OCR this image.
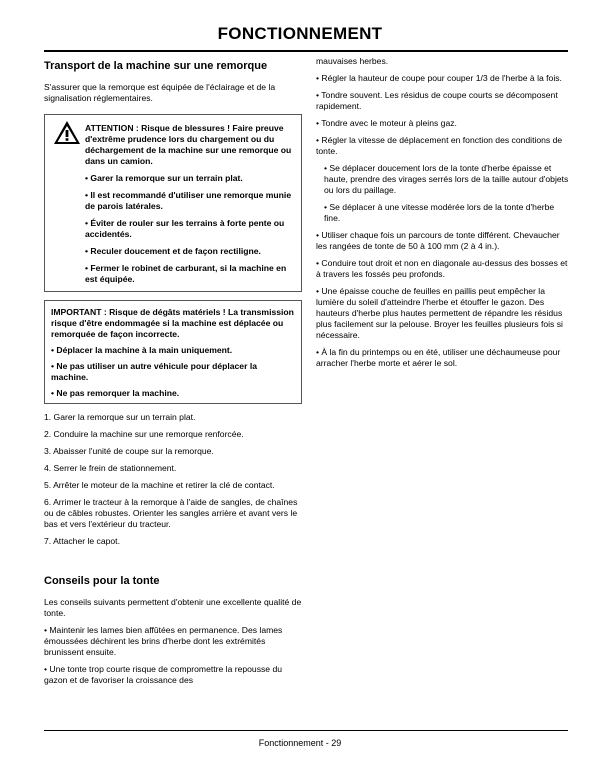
FONCTIONNEMENT
Transport de la machine sur une remorque

S'assurer que la remorque est équipée de l'éclairage et de la signalisation réglementaires.

ATTENTION : Risque de blessures ! Faire preuve d'extrême prudence lors du chargement ou du déchargement de la machine sur une remorque ou dans un camion.
• Garer la remorque sur un terrain plat.
• Il est recommandé d'utiliser une remorque munie de parois latérales.
• Éviter de rouler sur les terrains à forte pente ou accidentés.
• Reculer doucement et de façon rectiligne.
• Fermer le robinet de carburant, si la machine en est équipée.
IMPORTANT : Risque de dégâts matériels ! La transmission risque d'être endommagée si la machine est déplacée ou remorquée de façon incorrecte.
• Déplacer la machine à la main uniquement.
• Ne pas utiliser un autre véhicule pour déplacer la machine.
• Ne pas remorquer la machine.
1. Garer la remorque sur un terrain plat.
2. Conduire la machine sur une remorque renforcée.
3. Abaisser l'unité de coupe sur la remorque.
4. Serrer le frein de stationnement.
5. Arrêter le moteur de la machine et retirer la clé de contact.
6. Arrimer le tracteur à la remorque à l'aide de sangles, de chaînes ou de câbles robustes. Orienter les sangles arrière et avant vers le bas et vers l'extérieur du tracteur.
7. Attacher le capot.
Conseils pour la tonte

Les conseils suivants permettent d'obtenir une excellente qualité de tonte.

• Maintenir les lames bien affûtées en permanence. Des lames émoussées déchirent les brins d'herbe dont les extrémités brunissent ensuite.
• Une tonte trop courte risque de compromettre la repousse du gazon et de favoriser la croissance des
mauvaises herbes.
• Régler la hauteur de coupe pour couper 1/3 de l'herbe à la fois.
• Tondre souvent. Les résidus de coupe courts se décomposent rapidement.
• Tondre avec le moteur à pleins gaz.
• Régler la vitesse de déplacement en fonction des conditions de tonte.
• Se déplacer doucement lors de la tonte d'herbe épaisse et haute, prendre des virages serrés lors de la taille autour d'objets ou lors du paillage.
• Se déplacer à une vitesse modérée lors de la tonte d'herbe fine.
• Utiliser chaque fois un parcours de tonte différent. Chevaucher les rangées de tonte de 50 à 100 mm (2 à 4 in.).
• Conduire tout droit et non en diagonale au-dessus des bosses et à travers les fossés peu profonds.
• Une épaisse couche de feuilles en paillis peut empêcher la lumière du soleil d'atteindre l'herbe et étouffer le gazon. Des hauteurs d'herbe plus hautes permettent de répandre les résidus plus facilement sur la pelouse. Broyer les feuilles plusieurs fois si nécessaire.
• À la fin du printemps ou en été, utiliser une déchaumeuse pour arracher l'herbe morte et aérer le sol.
Fonctionnement - 29
